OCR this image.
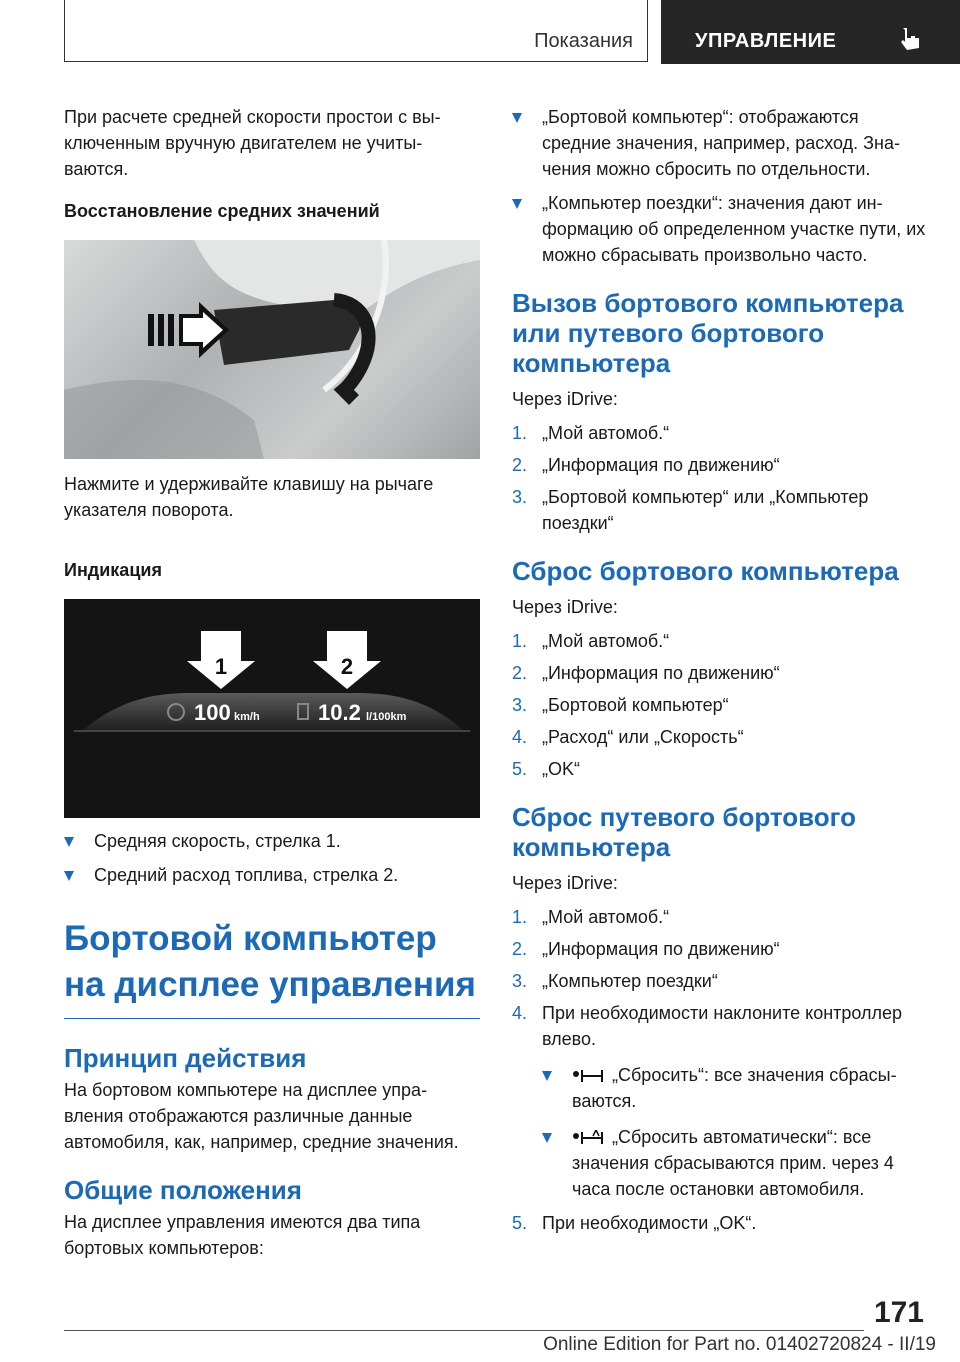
Показания	УПРАВЛЕНИЕ

При расчете средней скорости простои с вы-ключенным вручную двигателем не учиты-ваются.

Восстановление средних значений

Нажмите и удерживайте клавишу на рычаге указателя поворота.

Индикация

1	2
100 km/h	10.2 l/100km
Средняя скорость, стрелка 1.
Средний расход топлива, стрелка 2.
Бортовой компьютер на дисплее управления
Принцип действия

На бортовом компьютере на дисплее упра-вления отображаются различные данные автомобиля, как, например, средние значения.

Общие положения

На дисплее управления имеются два типа бортовых компьютеров:

„Бортовой компьютер“: отображаются средние значения, например, расход. Зна-чения можно сбросить по отдельности.
„Компьютер поездки“: значения дают ин-формацию об определенном участке пути, их можно сбрасывать произвольно часто.
Вызов бортового компьютера или путевого бортового компьютера

Через iDrive:

1. „Мой автомоб.“
2. „Информация по движению“
3. „Бортовой компьютер“ или „Компьютер поездки“
Сброс бортового компьютера

Через iDrive:

1. „Мой автомоб.“
2. „Информация по движению“
3. „Бортовой компьютер“
4. „Расход“ или „Скорость“
5. „OK“
Сброс путевого бортового компьютера

Через iDrive:

1. „Мой автомоб.“
2. „Информация по движению“
3. „Компьютер поездки“
4. При необходимости наклоните контроллер влево.
„Сбросить“: все значения сбрасы-ваются.
„Сбросить автоматически“: все значения сбрасываются прим. через 4 часа после остановки автомобиля.
5. При необходимости „OK“.
171
Online Edition for Part no. 01402720824 - II/19
